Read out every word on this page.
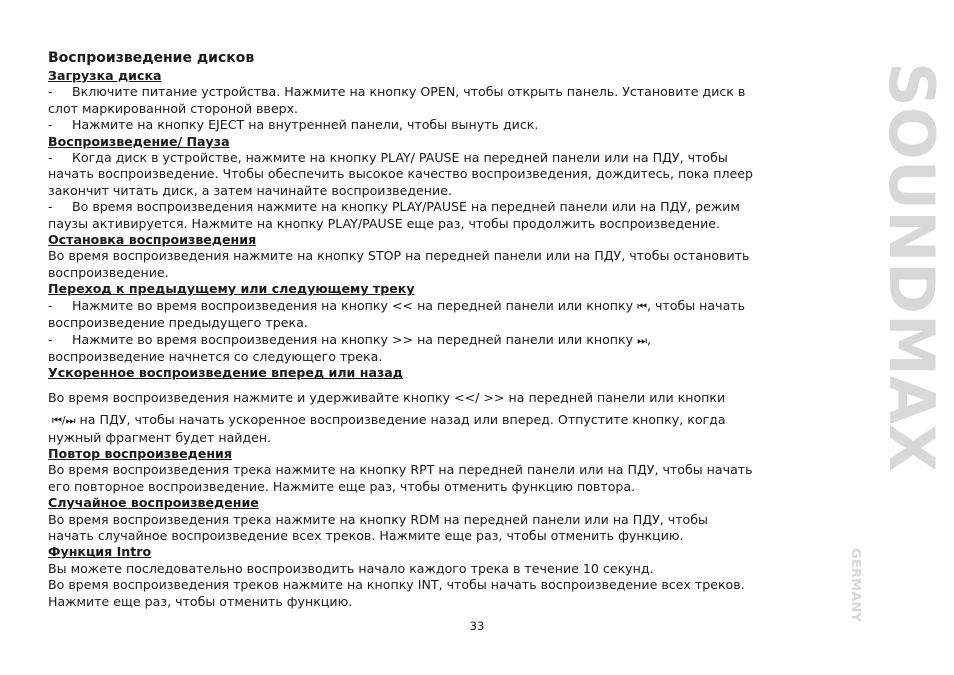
Воспроизведение дисков

Загрузка диска

- Включите питание устройства. Нажмите на кнопку OPEN, чтобы открыть панель. Установите диск в

слот маркированной стороной вверх.

- Нажмите на кнопку EJECT на внутренней панели, чтобы вынуть диск.

Воспроизведение/ Пауза

- Когда диск в устройстве, нажмите на кнопку PLAY/ PAUSE на передней панели или на ПДУ, чтобы

начать воспроизведение. Чтобы обеспечить высокое качество воспроизведения, дождитесь, пока плеер

закончит читать диск, а затем начинайте воспроизведение.

- Во время воспроизведения нажмите на кнопку PLAY/PAUSE на передней панели или на ПДУ, режим

паузы активируется. Нажмите на кнопку PLAY/PAUSE еще раз, чтобы продолжить воспроизведение.

Остановка воспроизведения

Во время воспроизведения нажмите на кнопку STOP на передней панели или на ПДУ, чтобы остановить

воспроизведение.

Переход к предыдущему или следующему треку

- Нажмите во время воспроизведения на кнопку << на передней панели или кнопку ⏮, чтобы начать

воспроизведение предыдущего трека.

- Нажмите во время воспроизведения на кнопку >> на передней панели или кнопку ⏭,

воспроизведение начнется со следующего трека.

Ускоренное воспроизведение вперед или назад

Во время воспроизведения нажмите и удерживайте кнопку <</ >> на передней панели или кнопки

⏮/⏭ на ПДУ, чтобы начать ускоренное воспроизведение назад или вперед. Отпустите кнопку, когда

нужный фрагмент будет найден.

Повтор воспроизведения

Во время воспроизведения трека нажмите на кнопку RPT на передней панели или на ПДУ, чтобы начать

его повторное воспроизведение. Нажмите еще раз, чтобы отменить функцию повтора.

Случайное воспроизведение

Во время воспроизведения трека нажмите на кнопку RDM на передней панели или на ПДУ, чтобы

начать случайное воспроизведение всех треков. Нажмите еще раз, чтобы отменить функцию.

Функция Intro

Вы можете последовательно воспроизводить начало каждого трека в течение 10 секунд.

Во время воспроизведения треков нажмите на кнопку INT, чтобы начать воспроизведение всех треков.

Нажмите еще раз, чтобы отменить функцию.

33
SOUNDMAX
GERMANY
